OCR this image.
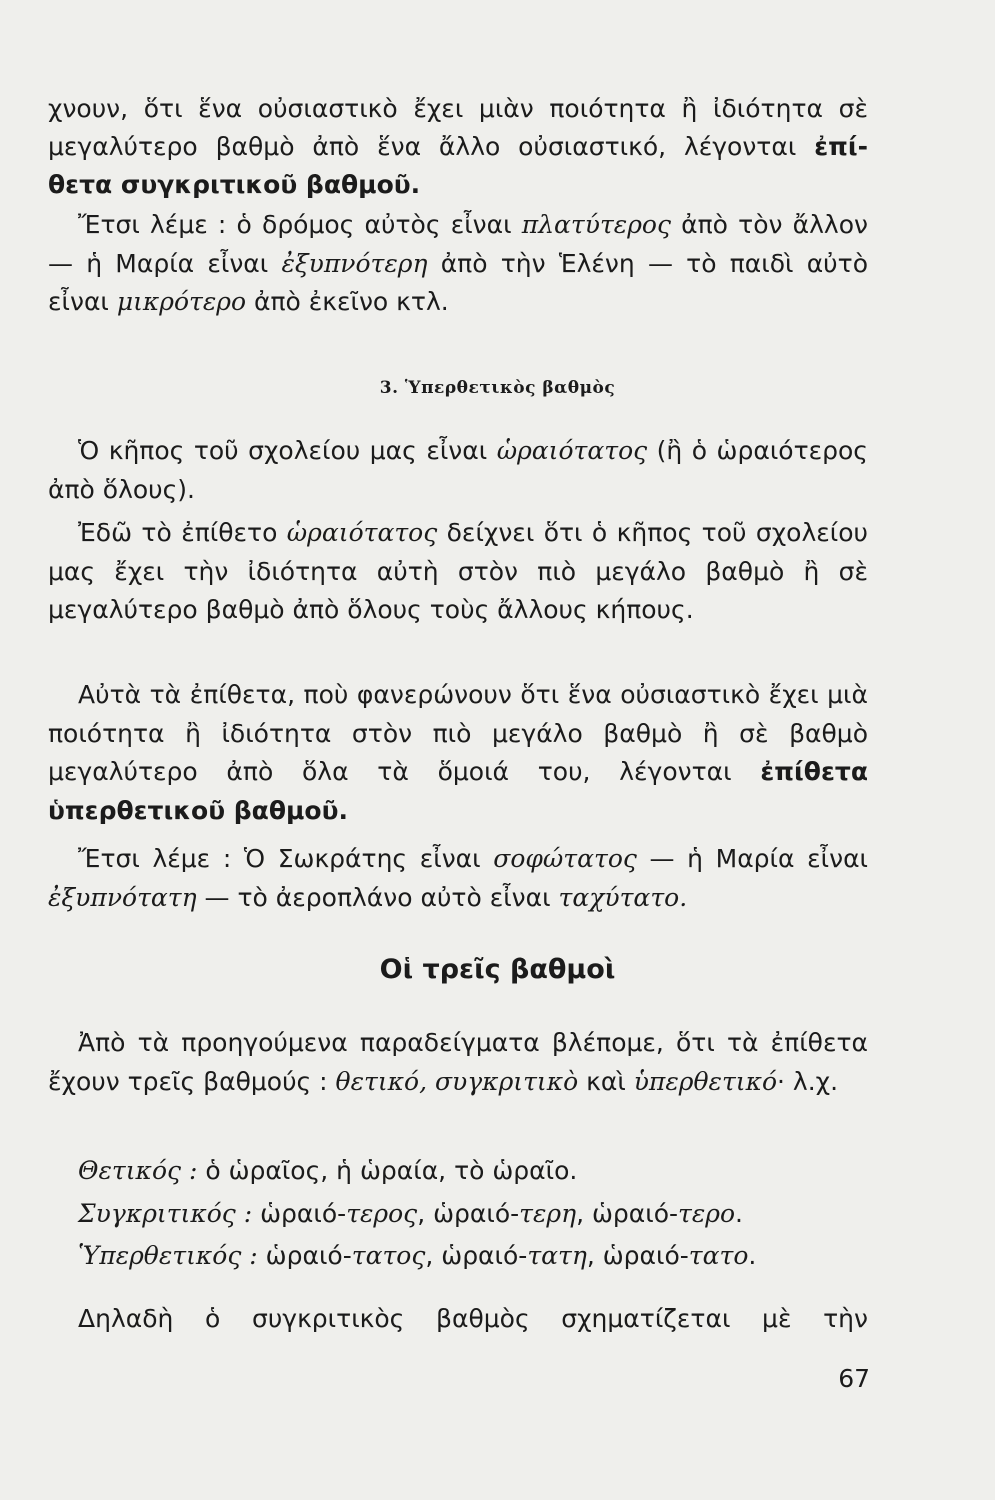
χνουν, ὅτι ἕνα οὐσιαστικὸ ἔχει μιὰν ποιότητα ἢ ἰδιότητα σὲ

μεγαλύτερο βαθμὸ ἀπὸ ἕνα ἄλλο οὐσιαστικό, λέγονται ἐπί-

θετα συγκριτικοῦ βαθμοῦ.

Ἔτσι λέμε : ὁ δρόμος αὐτὸς εἶναι πλατύτερος ἀπὸ τὸν ἄλλον — ἡ Μαρία εἶναι ἐξυπνότερη ἀπὸ τὴν Ἑλένη — τὸ παιδὶ αὐτὸ εἶναι μικρότερο ἀπὸ ἐκεῖνο κτλ.

3. Ὑπερθετικὸς βαθμὸς

Ὁ κῆπος τοῦ σχολείου μας εἶναι ὡραιότατος (ἢ ὁ ὡραιότερος ἀπὸ ὅλους).

Ἐδῶ τὸ ἐπίθετο ὡραιότατος δείχνει ὅτι ὁ κῆπος τοῦ σχολείου μας ἔχει τὴν ἰδιότητα αὐτὴ στὸν πιὸ μεγάλο βαθμὸ ἢ σὲ μεγαλύτερο βαθμὸ ἀπὸ ὅλους τοὺς ἄλλους κήπους.

Αὐτὰ τὰ ἐπίθετα, ποὺ φανερώνουν ὅτι ἕνα οὐσιαστικὸ ἔχει μιὰ ποιότητα ἢ ἰδιότητα στὸν πιὸ μεγάλο βαθμὸ ἢ σὲ βαθμὸ μεγαλύτερο ἀπὸ ὅλα τὰ ὅμοιά του, λέγονται ἐπίθετα ὑπερθετικοῦ βαθμοῦ.

Ἔτσι λέμε : Ὁ Σωκράτης εἶναι σοφώτατος — ἡ Μαρία εἶναι ἐξυπνότατη — τὸ ἀεροπλάνο αὐτὸ εἶναι ταχύτατο.

Οἱ τρεῖς βαθμοὶ

Ἀπὸ τὰ προηγούμενα παραδείγματα βλέπομε, ὅτι τὰ ἐπίθετα ἔχουν τρεῖς βαθμούς : θετικό, συγκριτικὸ καὶ ὑπερθετικό· λ.χ.

Θετικός : ὁ ὡραῖος, ἡ ὡραία, τὸ ὡραῖο.

Συγκριτικός : ὡραιό-τερος, ὡραιό-τερη, ὡραιό-τερο.

Ὑπερθετικός : ὡραιό-τατος, ὡραιό-τατη, ὡραιό-τατο.

Δηλαδὴ ὁ συγκριτικὸς βαθμὸς σχηματίζεται μὲ τὴν

67
